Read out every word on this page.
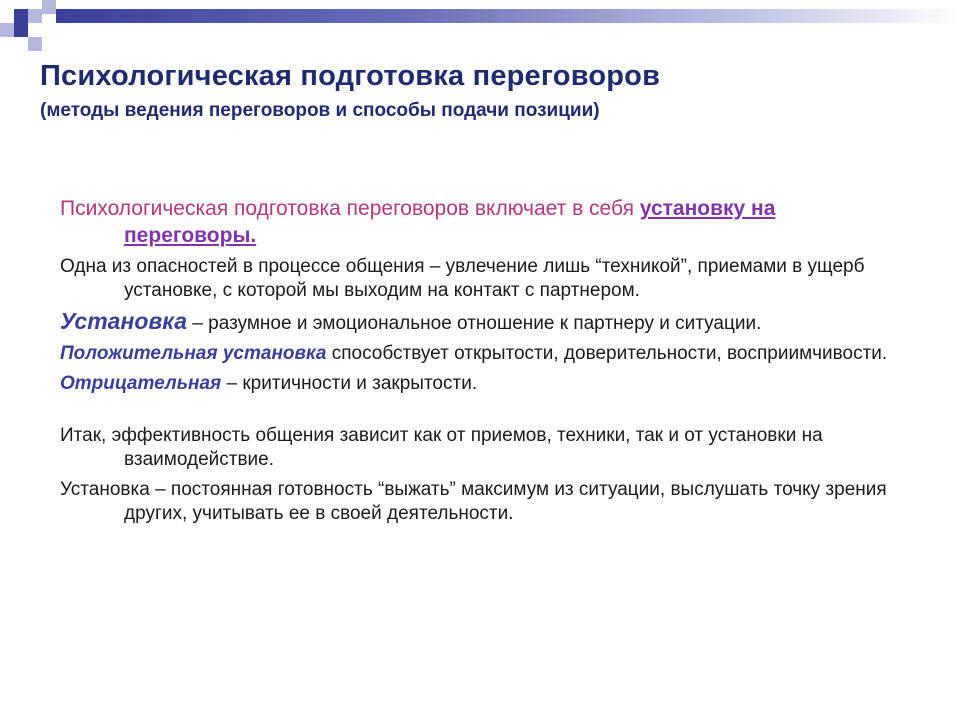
Психологическая подготовка переговоров
(методы ведения переговоров и способы подачи позиции)

Психологическая подготовка переговоров включает в себя установку на переговоры.

Одна из опасностей в процессе общения – увлечение лишь “техникой”, приемами в ущерб установке, с которой мы выходим на контакт с партнером.

Установка – разумное и эмоциональное отношение к партнеру и ситуации.

Положительная установка способствует открытости, доверительности, восприимчивости.

Отрицательная – критичности и закрытости.

Итак, эффективность общения зависит как от приемов, техники, так и от установки на взаимодействие.

Установка – постоянная готовность “выжать” максимум из ситуации, выслушать точку зрения других, учитывать ее в своей деятельности.
